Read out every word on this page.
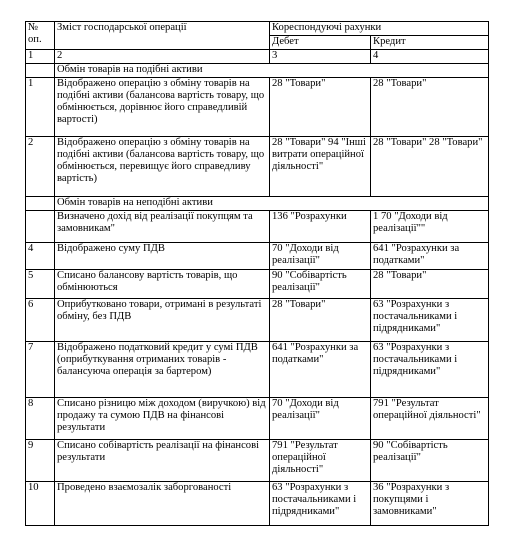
№ оп.	Зміст господарської операції	Кореспондуючі рахунки	
		Дебет	Кредит
1	2	3	4
	Обмін товарів на подібні активи		
1	Відображено операцію з обміну товарів на подібні активи (балансова вартість товару, що обмінюється, дорівнює його справедливій вартості)	28 "Товари"	28 "Товари"
2	Відображено операцію з обміну товарів на подібні активи (балансова вартість товару, що обмінюється, перевищує його справедливу вартість)	28 "Товари" 94 "Інші витрати операційної діяльності"	28 "Товари" 28 "Товари"
	Обмін товарів на неподібні активи		
	Визначено дохід від реалізації покупцям та замовникам"	136 "Розрахунки	1 70 "Доходи від реалізації""
4	Відображено суму ПДВ	70 "Доходи від реалізації"	641 "Розрахунки за податками"
5	Списано балансову вартість товарів, що обмінюються	90 "Собівартість реалізації"	28 "Товари"
6	Оприбутковано товари, отримані в результаті обміну, без ПДВ	28 "Товари"	63 "Розрахунки з постачальниками і підрядниками"
7	Відображено податковий кредит у сумі ПДВ (оприбуткування отриманих товарів - балансуюча операція за бартером)	641 "Розрахунки за податками"	63 "Розрахунки з постачальниками і підрядниками"
8	Списано різницю між доходом (виручкою) від продажу та сумою ПДВ на фінансові результати	70 "Доходи від реалізації"	791 "Результат операційної діяльності"
9	Списано собівартість реалізації на фінансові результати	791 "Результат операційної діяльності"	90 "Собівартість реалізації"
10	Проведено взаємозалік заборгованості	63 "Розрахунки з постачальниками і підрядниками"	36 "Розрахунки з покупцями і замовниками"
